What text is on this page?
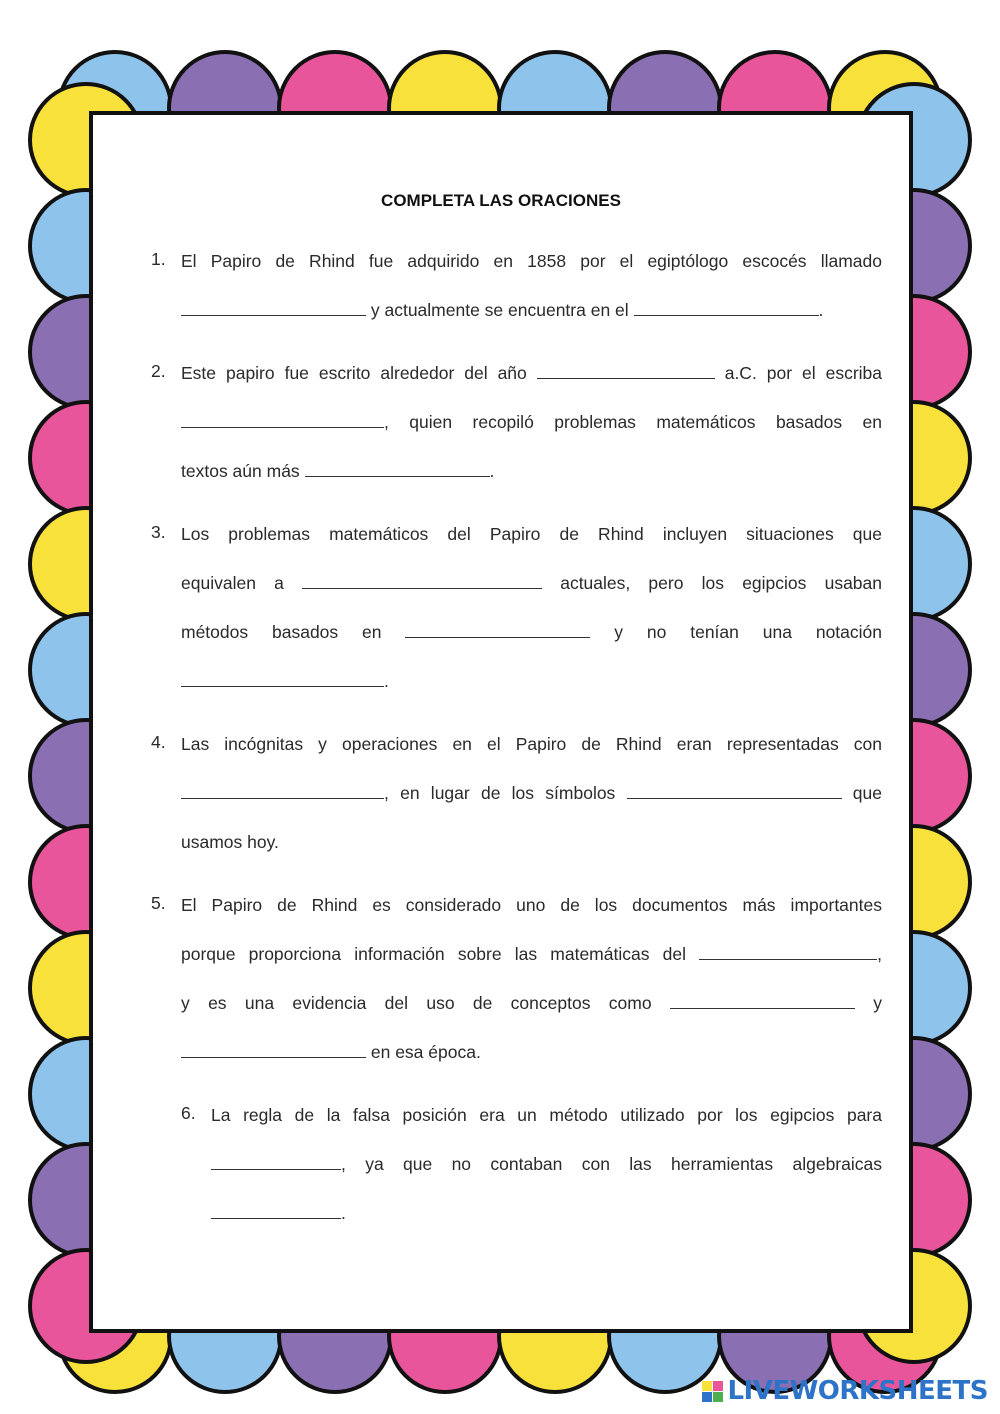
COMPLETA LAS ORACIONES
1. El Papiro de Rhind fue adquirido en 1858 por el egiptólogo escocés llamado
y actualmente se encuentra en el	.
2. Este papiro fue escrito alrededor del año	a.C. por el escriba
, quien recopiló problemas matemáticos basados en
textos aún más	.
3. Los problemas matemáticos del Papiro de Rhind incluyen situaciones que
equivalen a	actuales, pero los egipcios usaban
métodos basados en	y no tenían una notación
.
4. Las incógnitas y operaciones en el Papiro de Rhind eran representadas con
, en lugar de los símbolos	que
usamos hoy.
5. El Papiro de Rhind es considerado uno de los documentos más importantes
porque proporciona información sobre las matemáticas del	,
y es una evidencia del uso de conceptos como	y
en esa época.
6. La regla de la falsa posición era un método utilizado por los egipcios para
, ya que no contaban con las herramientas algebraicas
.
LIVEWORKSHEETS
